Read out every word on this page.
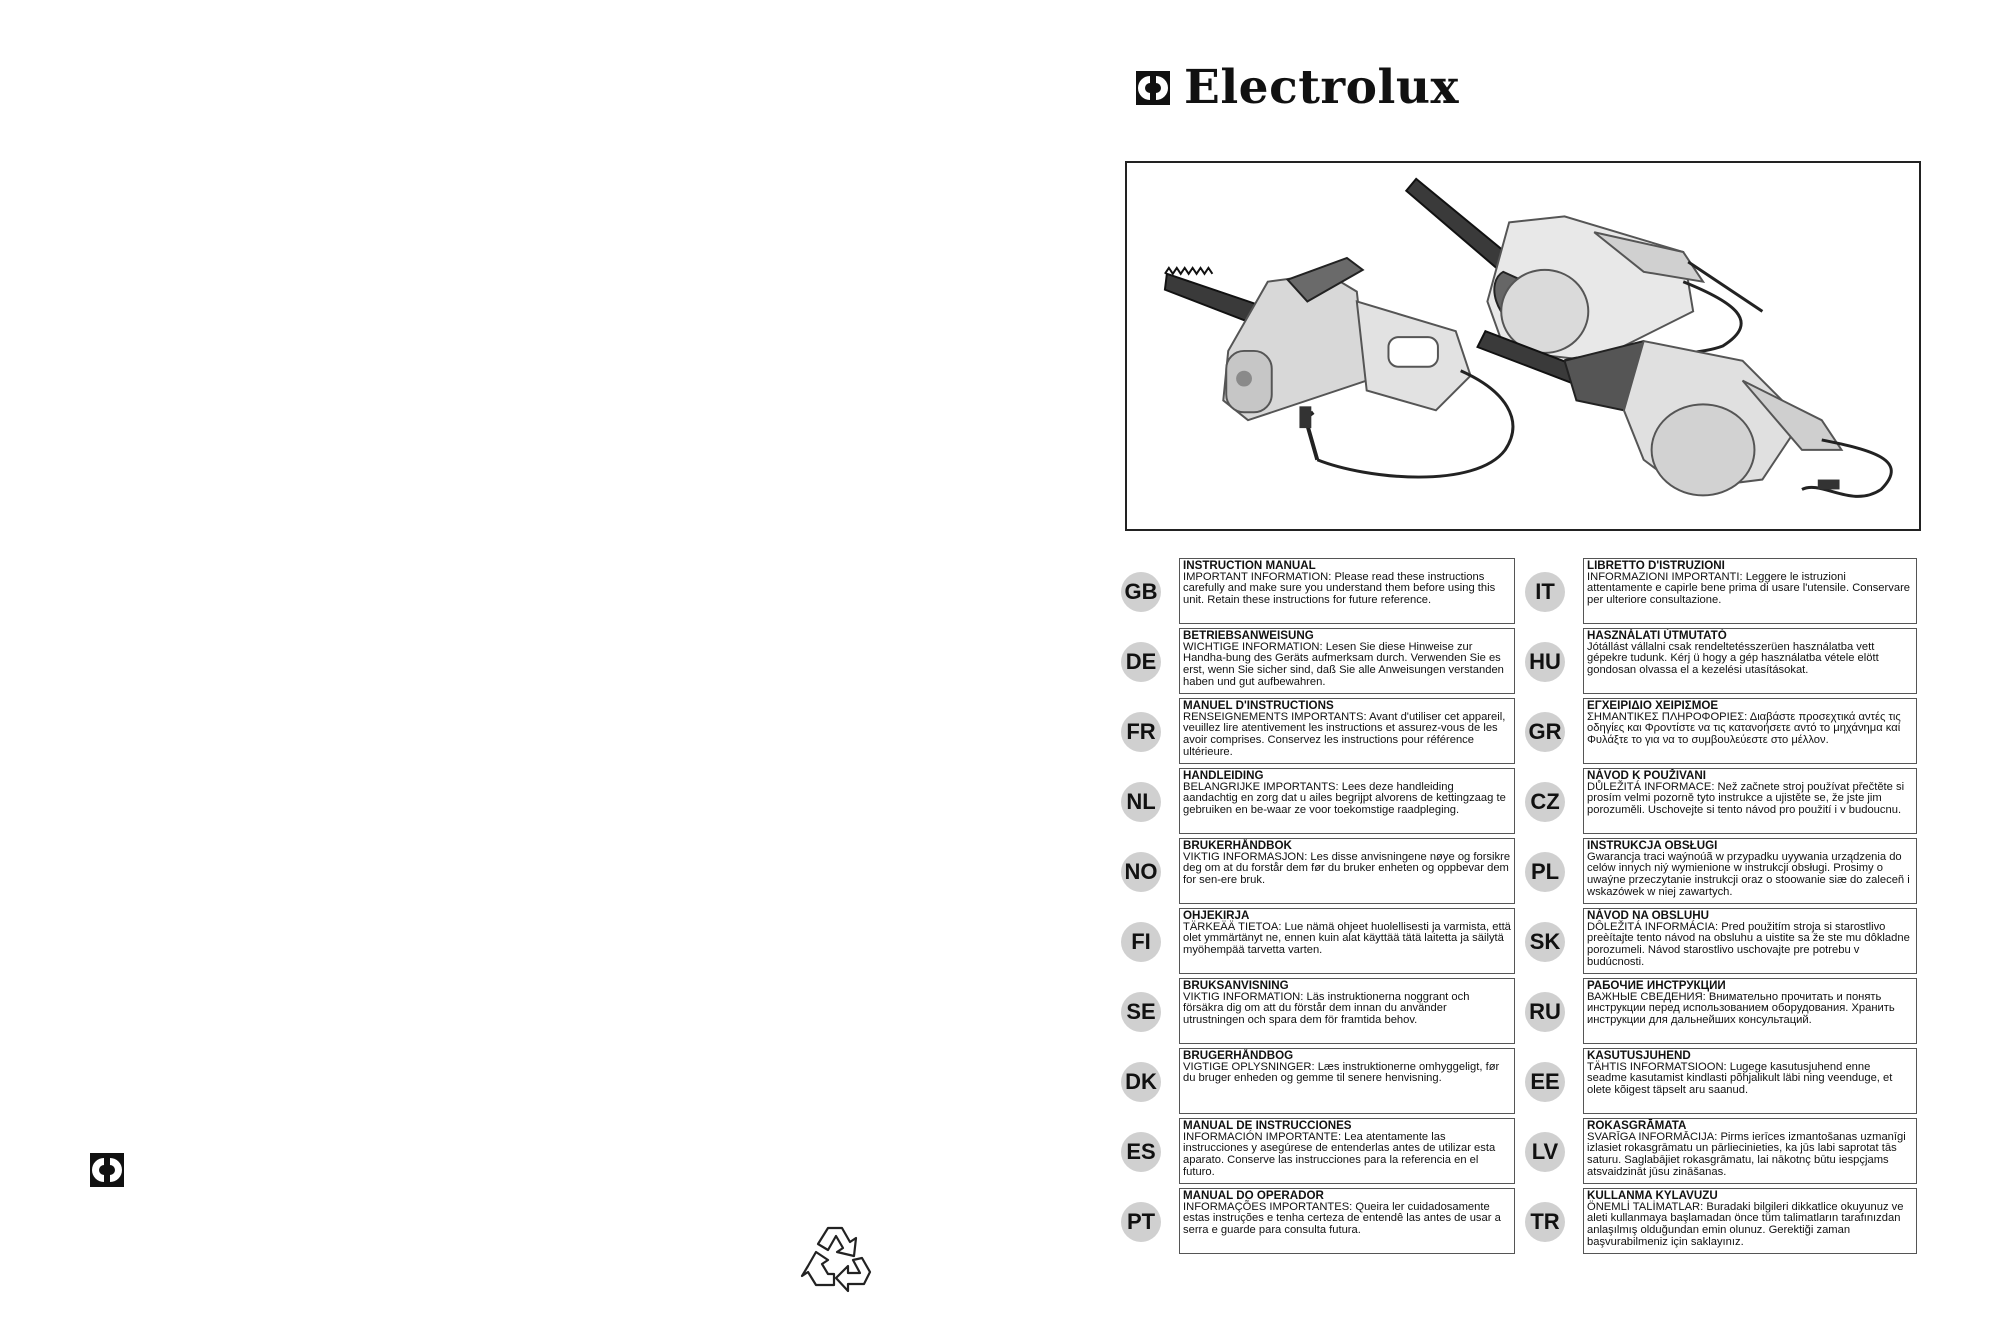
Electrolux
GB

INSTRUCTION MANUAL

IMPORTANT INFORMATION: Please read these instructions carefully and make sure you understand them before using this unit. Retain these instructions for future reference.

DE

BETRIEBSANWEISUNG

WICHTIGE INFORMATION: Lesen Sie diese Hinweise zur Handha-bung des Geräts aufmerksam durch. Verwenden Sie es erst, wenn Sie sicher sind, daß Sie alle Anweisungen verstanden haben und gut aufbewahren.

FR

MANUEL D'INSTRUCTIONS

RENSEIGNEMENTS IMPORTANTS: Avant d'utiliser cet appareil, veuillez lire atentivement les instructions et assurez-vous de les avoir comprises. Conservez les instructions pour référence ultérieure.

NL

HANDLEIDING

BELANGRIJKE IMPORTANTS: Lees deze handleiding aandachtig en zorg dat u ailes begrijpt alvorens de kettingzaag te gebruiken en be-waar ze voor toekomstige raadpleging.

NO

BRUKERHÅNDBOK

VIKTIG INFORMASJON: Les disse anvisningene nøye og forsikre deg om at du forstår dem før du bruker enheten og oppbevar dem for sen-ere bruk.

FI

OHJEKIRJA

TÄRKEÄÄ TIETOA: Lue nämä ohjeet huolellisesti ja varmista, että olet ymmärtänyt ne, ennen kuin alat käyttää tätä laitetta ja säilytä myöhempää tarvetta varten.

SE

BRUKSANVISNING

VIKTIG INFORMATION: Läs instruktionerna noggrant och försäkra dig om att du förstår dem innan du använder utrustningen och spara dem för framtida behov.

DK

BRUGERHÅNDBOG

VIGTIGE OPLYSNINGER: Læs instruktionerne omhyggeligt, før du bruger enheden og gemme til senere henvisning.

ES

MANUAL DE INSTRUCCIONES

INFORMACIÓN IMPORTANTE: Lea atentamente las instrucciones y asegúrese de entenderlas antes de utilizar esta aparato. Conserve las instrucciones para la referencia en el futuro.

PT

MANUAL DO OPERADOR

INFORMAÇÕES IMPORTANTES: Queira ler cuidadosamente estas instruções e tenha certeza de entendê las antes de usar a serra e guarde para consulta futura.

IT

LIBRETTO D'ISTRUZIONI

INFORMAZIONI IMPORTANTI: Leggere le istruzioni attentamente e capirle bene prima di usare l'utensile. Conservare per ulteriore consultazione.

HU

HASZNÁLATI ÚTMUTATÓ

Jótállást vállalni csak rendeltetésszerüen használatba vett gépekre tudunk. Kérj ü hogy a gép használatba vétele elött gondosan olvassa el a kezelési utasításokat.

GR

ΕΓΧΕΙΡΙΔΙΟ ΧΕΙΡΙΣΜΟΕ

ΣΗΜΑΝΤΙΚΕΣ ΠΛΗΡΟΦΟΡΙΕΣ: Διαβάστε προσεχτικά αντές τις οδηγίες και Φροντίστε να τις κατανοήσετε αντό το μηχάνημα καί Φυλάξτε το για να το συμβουλεύεστε στο μέλλον.

CZ

NÁVOD K POUŽIVANI

DŮLEŽITÁ INFORMACE: Než začnete stroj používat přečtěte si prosím velmi pozorně tyto instrukce a ujistěte se, že jste jim porozuměli. Uschovejte si tento návod pro použití i v budoucnu.

PL

INSTRUKCJA OBSŁUGI

Gwarancja traci waýnoúã w przypadku uyywania urządzenia do celów innych niý wymienione w instrukcji obsługi. Prosimy o uwaýne przeczytanie instrukcji oraz o stoowanie siæ do zaleceñ i wskazówek w niej zawartych.

SK

NÁVOD NA OBSLUHU

DÔLEŽITÁ INFORMÁCIA: Pred použitím stroja si starostlivo preèítajte tento návod na obsluhu a uistite sa že ste mu dôkladne porozumeli. Návod starostlivo uschovajte pre potrebu v budúcnosti.

RU

РАБОЧИЕ ИНСТРУКЦИИ

ВАЖНЫЕ СВЕДЕНИЯ: Внимательно прочитать и понять инструкции перед использованием оборудования. Хранить инструкции для дальнейших консультаций.

EE

KASUTUSJUHEND

TÄHTIS INFORMATSIOON: Lugege kasutusjuhend enne seadme kasutamist kindlasti põhjalikult läbi ning veenduge, et olete kõigest täpselt aru saanud.

LV

ROKASGRĀMATA

SVARĪGA INFORMĀCIJA: Pirms ierīces izmantošanas uzmanīgi izlasiet rokasgrāmatu un pārliecinieties, ka jūs labi saprotat tās saturu. Saglabājiet rokasgrāmatu, lai nākotnç būtu iespçjams atsvaidzināt jūsu zināšanas.

TR

KULLANMA KYLAVUZU

ÖNEMLİ TALİMATLAR: Buradaki bilgileri dikkatlice okuyunuz ve aleti kullanmaya başlamadan önce tüm talimatların tarafınızdan anlaşılmış olduğundan emin olunuz. Gerektiği zaman başvurabilmeniz için saklayınız.
